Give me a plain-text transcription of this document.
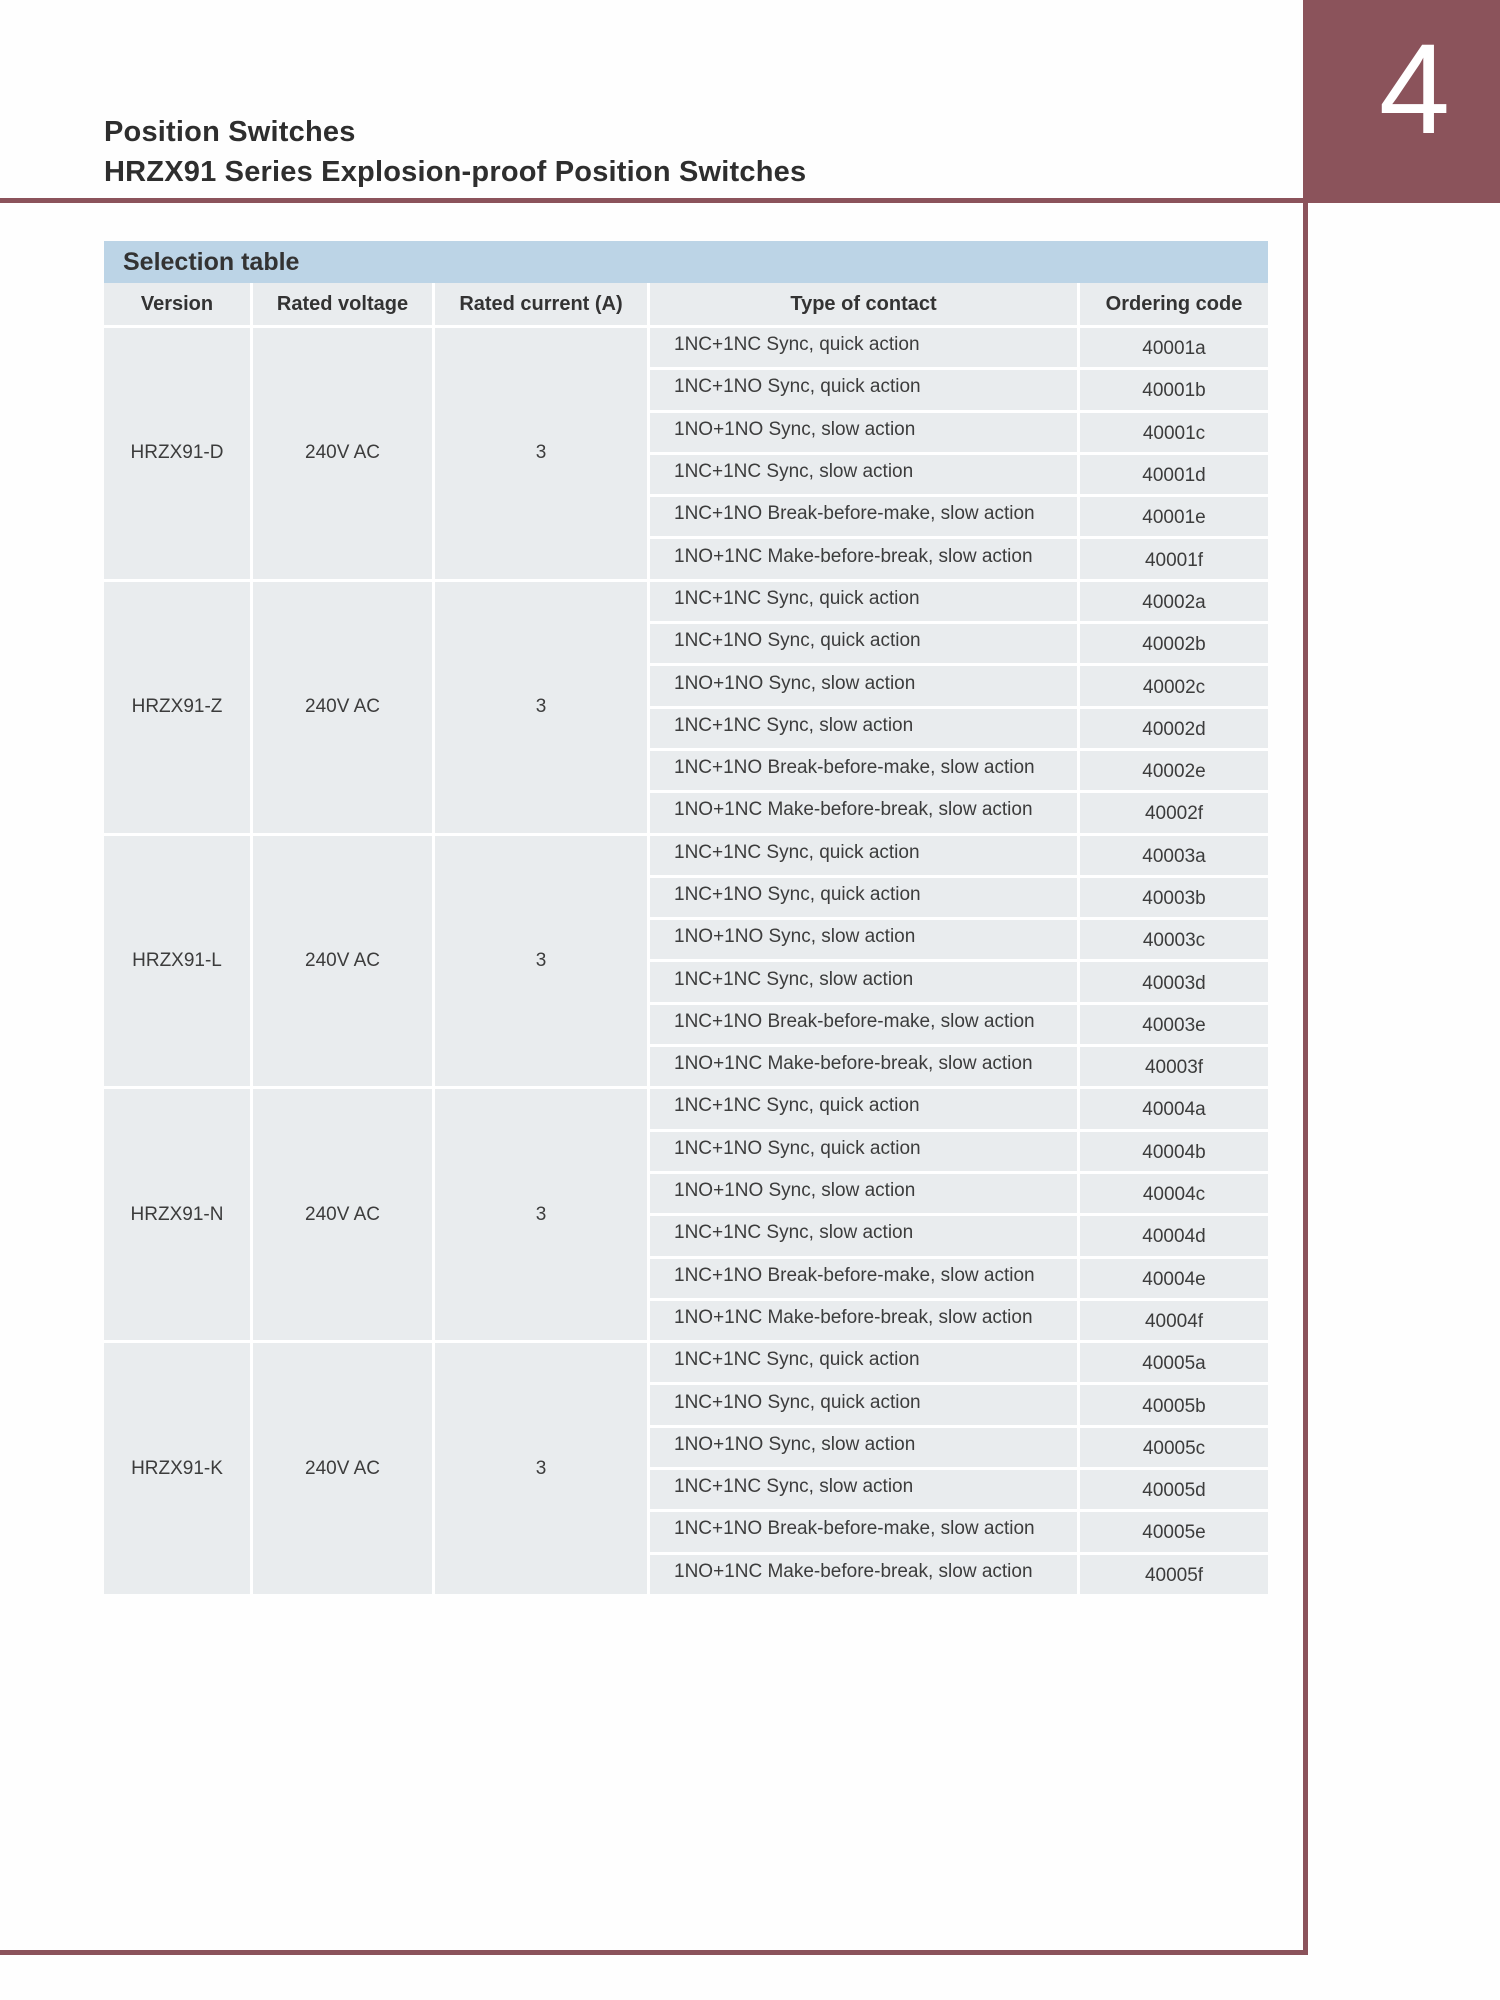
4
Position Switches
HRZX91 Series Explosion-proof Position Switches
Selection table
Version	Rated voltage	Rated current (A)	Type of contact	Ordering code
HRZX91-D	240V AC	3	1NC+1NC Sync, quick action	40001a
			1NC+1NO Sync, quick action	40001b
			1NO+1NO Sync, slow action	40001c
			1NC+1NC Sync, slow action	40001d
			1NC+1NO Break-before-make, slow action	40001e
			1NO+1NC Make-before-break, slow action	40001f
HRZX91-Z	240V AC	3	1NC+1NC Sync, quick action	40002a
			1NC+1NO Sync, quick action	40002b
			1NO+1NO Sync, slow action	40002c
			1NC+1NC Sync, slow action	40002d
			1NC+1NO Break-before-make, slow action	40002e
			1NO+1NC Make-before-break, slow action	40002f
HRZX91-L	240V AC	3	1NC+1NC Sync, quick action	40003a
			1NC+1NO Sync, quick action	40003b
			1NO+1NO Sync, slow action	40003c
			1NC+1NC Sync, slow action	40003d
			1NC+1NO Break-before-make, slow action	40003e
			1NO+1NC Make-before-break, slow action	40003f
HRZX91-N	240V AC	3	1NC+1NC Sync, quick action	40004a
			1NC+1NO Sync, quick action	40004b
			1NO+1NO Sync, slow action	40004c
			1NC+1NC Sync, slow action	40004d
			1NC+1NO Break-before-make, slow action	40004e
			1NO+1NC Make-before-break, slow action	40004f
HRZX91-K	240V AC	3	1NC+1NC Sync, quick action	40005a
			1NC+1NO Sync, quick action	40005b
			1NO+1NO Sync, slow action	40005c
			1NC+1NC Sync, slow action	40005d
			1NC+1NO Break-before-make, slow action	40005e
			1NO+1NC Make-before-break, slow action	40005f
